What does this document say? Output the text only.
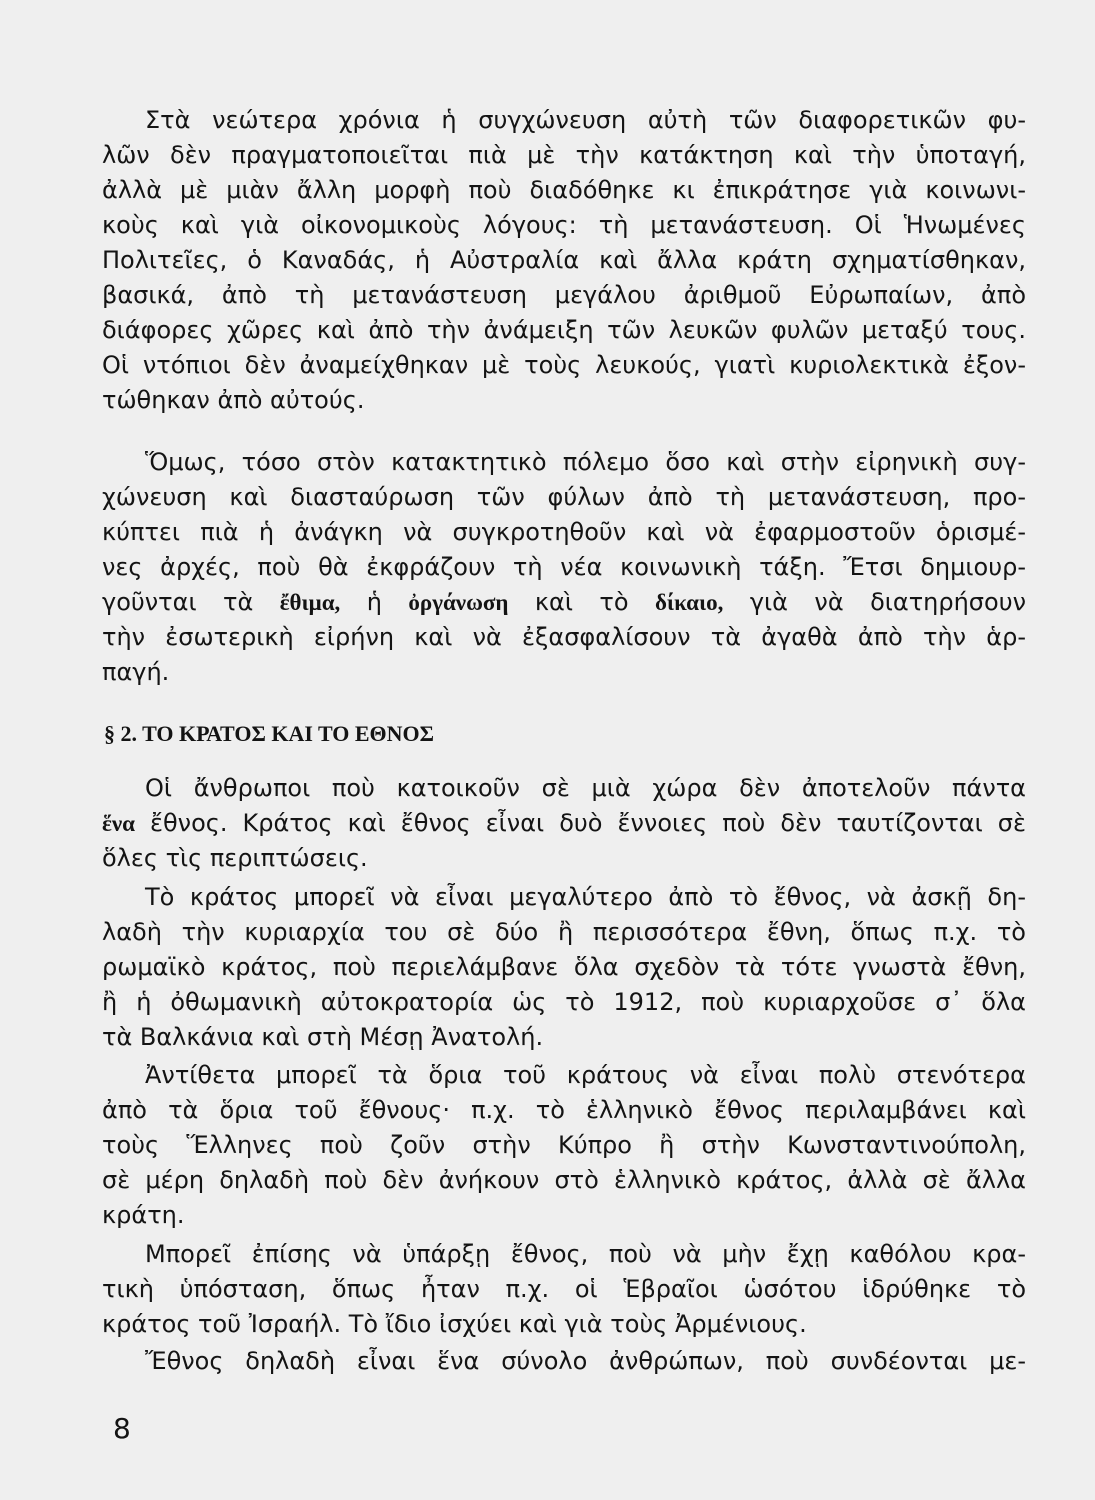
Στὰ νεώτερα χρόνια ἡ συγχώνευση αὐτὴ τῶν διαφορετικῶν φυ-
λῶν δὲν πραγματοποιεῖται πιὰ μὲ τὴν κατάκτηση καὶ τὴν ὑποταγή,
ἀλλὰ μὲ μιὰν ἄλλη μορφὴ ποὺ διαδόθηκε κι ἐπικράτησε γιὰ κοινωνι-
κοὺς καὶ γιὰ οἰκονομικοὺς λόγους: τὴ μετανάστευση. Οἱ Ἡνωμένες
Πολιτεῖες, ὁ Καναδάς, ἡ Αὐστραλία καὶ ἄλλα κράτη σχηματίσθηκαν,
βασικά, ἀπὸ τὴ μετανάστευση μεγάλου ἀριθμοῦ Εὐρωπαίων, ἀπὸ
διάφορες χῶρες καὶ ἀπὸ τὴν ἀνάμειξη τῶν λευκῶν φυλῶν μεταξύ τους.
Οἱ ντόπιοι δὲν ἀναμείχθηκαν μὲ τοὺς λευκούς, γιατὶ κυριολεκτικὰ ἐξον-
τώθηκαν ἀπὸ αὐτούς.
Ὅμως, τόσο στὸν κατακτητικὸ πόλεμο ὅσο καὶ στὴν εἰρηνικὴ συγ-
χώνευση καὶ διασταύρωση τῶν φύλων ἀπὸ τὴ μετανάστευση, προ-
κύπτει πιὰ ἡ ἀνάγκη νὰ συγκροτηθοῦν καὶ νὰ ἐφαρμοστοῦν ὁρισμέ-
νες ἀρχές, ποὺ θὰ ἐκφράζουν τὴ νέα κοινωνικὴ τάξη. Ἔτσι δημιουρ-
γοῦνται τὰ ἔθιμα, ἡ ὀργάνωση καὶ τὸ δίκαιο, γιὰ νὰ διατηρήσουν
τὴν ἐσωτερικὴ εἰρήνη καὶ νὰ ἐξασφαλίσουν τὰ ἀγαθὰ ἀπὸ τὴν ἁρ-
παγή.
§ 2. ΤΟ ΚΡΑΤΟΣ ΚΑΙ ΤΟ ΕΘΝΟΣ
Οἱ ἄνθρωποι ποὺ κατοικοῦν σὲ μιὰ χώρα δὲν ἀποτελοῦν πάντα
ἕνα ἔθνος. Κράτος καὶ ἔθνος εἶναι δυὸ ἔννοιες ποὺ δὲν ταυτίζονται σὲ
ὅλες τὶς περιπτώσεις.
Τὸ κράτος μπορεῖ νὰ εἶναι μεγαλύτερο ἀπὸ τὸ ἔθνος, νὰ ἀσκῇ δη-
λαδὴ τὴν κυριαρχία του σὲ δύο ἢ περισσότερα ἔθνη, ὅπως π.χ. τὸ
ρωμαϊκὸ κράτος, ποὺ περιελάμβανε ὅλα σχεδὸν τὰ τότε γνωστὰ ἔθνη,
ἢ ἡ ὀθωμανικὴ αὐτοκρατορία ὡς τὸ 1912, ποὺ κυριαρχοῦσε σ᾿ ὅλα
τὰ Βαλκάνια καὶ στὴ Μέσῃ Ἀνατολή.
Ἀντίθετα μπορεῖ τὰ ὅρια τοῦ κράτους νὰ εἶναι πολὺ στενότερα
ἀπὸ τὰ ὅρια τοῦ ἔθνους· π.χ. τὸ ἑλληνικὸ ἔθνος περιλαμβάνει καὶ
τοὺς Ἕλληνες ποὺ ζοῦν στὴν Κύπρο ἢ στὴν Κωνσταντινούπολη,
σὲ μέρη δηλαδὴ ποὺ δὲν ἀνήκουν στὸ ἑλληνικὸ κράτος, ἀλλὰ σὲ ἄλλα
κράτη.
Μπορεῖ ἐπίσης νὰ ὑπάρξῃ ἔθνος, ποὺ νὰ μὴν ἔχῃ καθόλου κρα-
τικὴ ὑπόσταση, ὅπως ἦταν π.χ. οἱ Ἑβραῖοι ὡσότου ἱδρύθηκε τὸ
κράτος τοῦ Ἰσραήλ. Τὸ ἴδιο ἰσχύει καὶ γιὰ τοὺς Ἀρμένιους.
Ἔθνος δηλαδὴ εἶναι ἕνα σύνολο ἀνθρώπων, ποὺ συνδέονται με-
8
